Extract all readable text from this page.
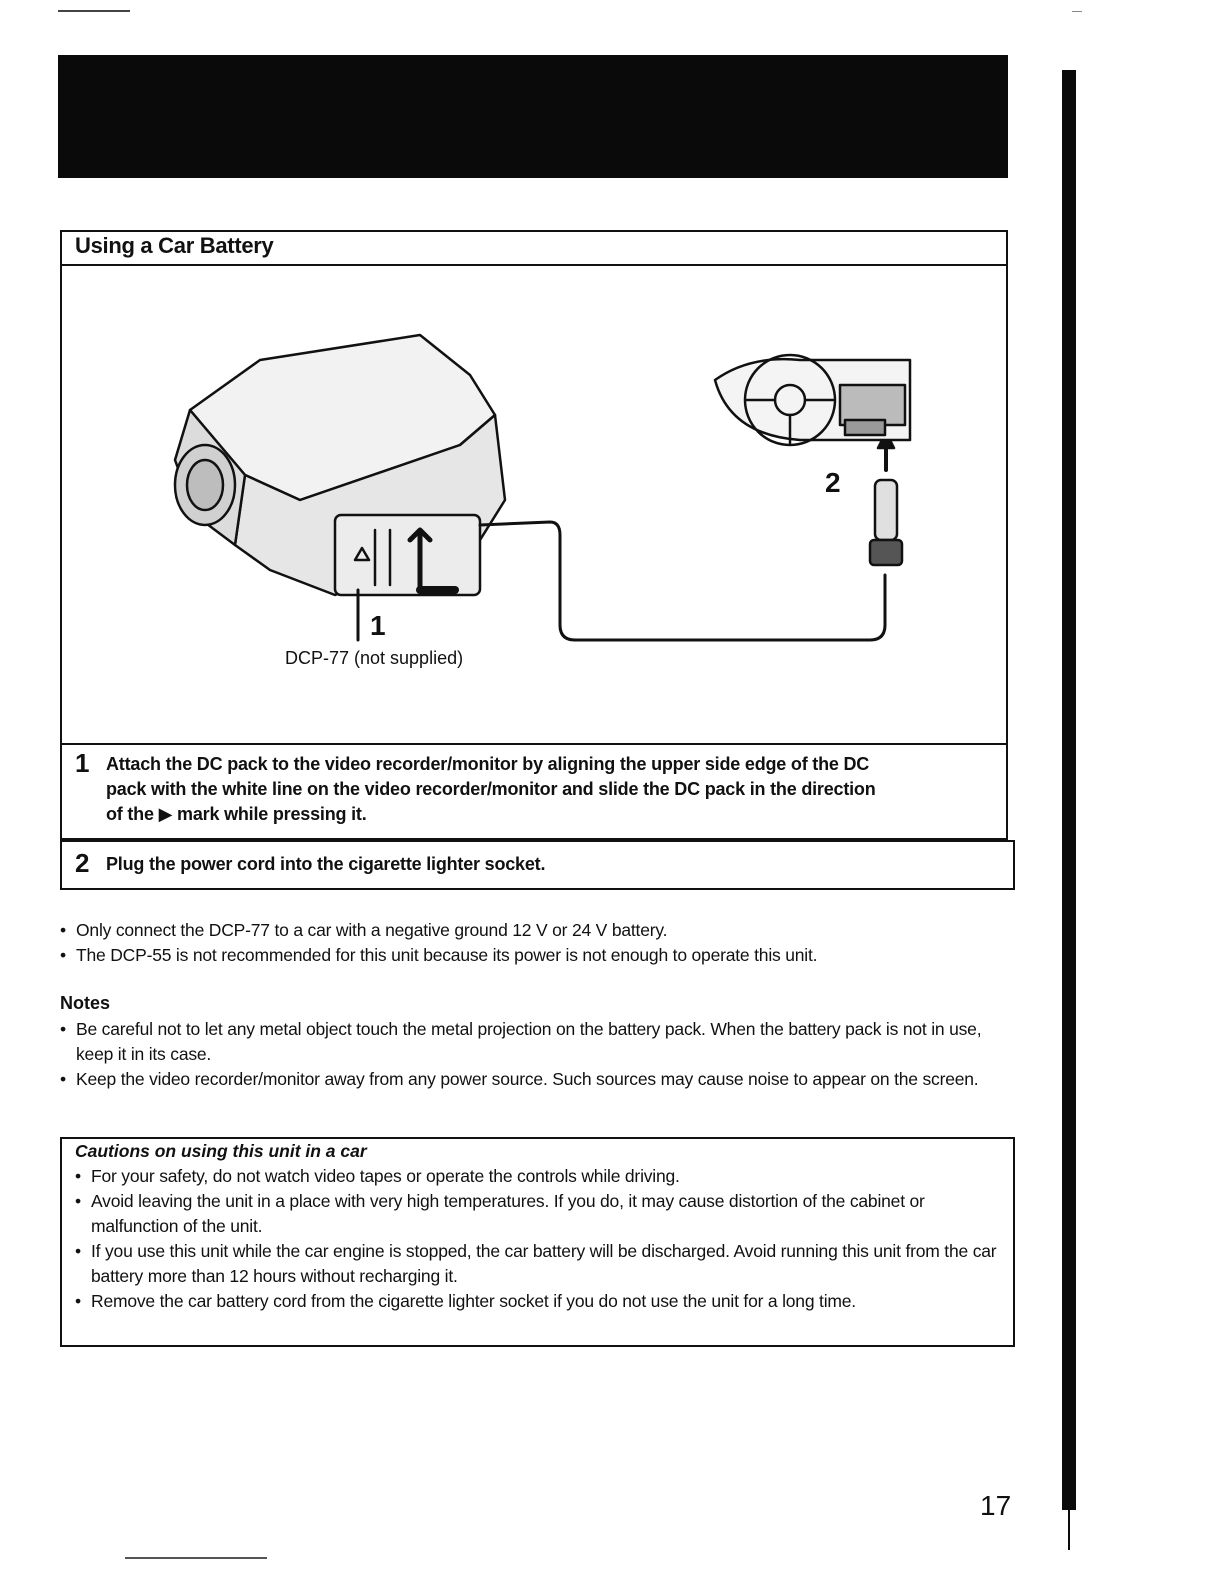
Using a Car Battery
1
2
DCP-77 (not supplied)
1 Attach the DC pack to the video recorder/monitor by aligning the upper side edge of the DC
pack with the white line on the video recorder/monitor and slide the DC pack in the direction
of the ▶ mark while pressing it.
2 Plug the power cord into the cigarette lighter socket.
• Only connect the DCP-77 to a car with a negative ground 12 V or 24 V battery.
• The DCP-55 is not recommended for this unit because its power is not enough to operate this unit.
Notes
• Be careful not to let any metal object touch the metal projection on the battery pack. When the battery pack is not in use, keep it in its case.
• Keep the video recorder/monitor away from any power source. Such sources may cause noise to appear on the screen.
Cautions on using this unit in a car
• For your safety, do not watch video tapes or operate the controls while driving.
• Avoid leaving the unit in a place with very high temperatures. If you do, it may cause distortion of the cabinet or malfunction of the unit.
• If you use this unit while the car engine is stopped, the car battery will be discharged. Avoid running this unit from the car battery more than 12 hours without recharging it.
• Remove the car battery cord from the cigarette lighter socket if you do not use the unit for a long time.
17
